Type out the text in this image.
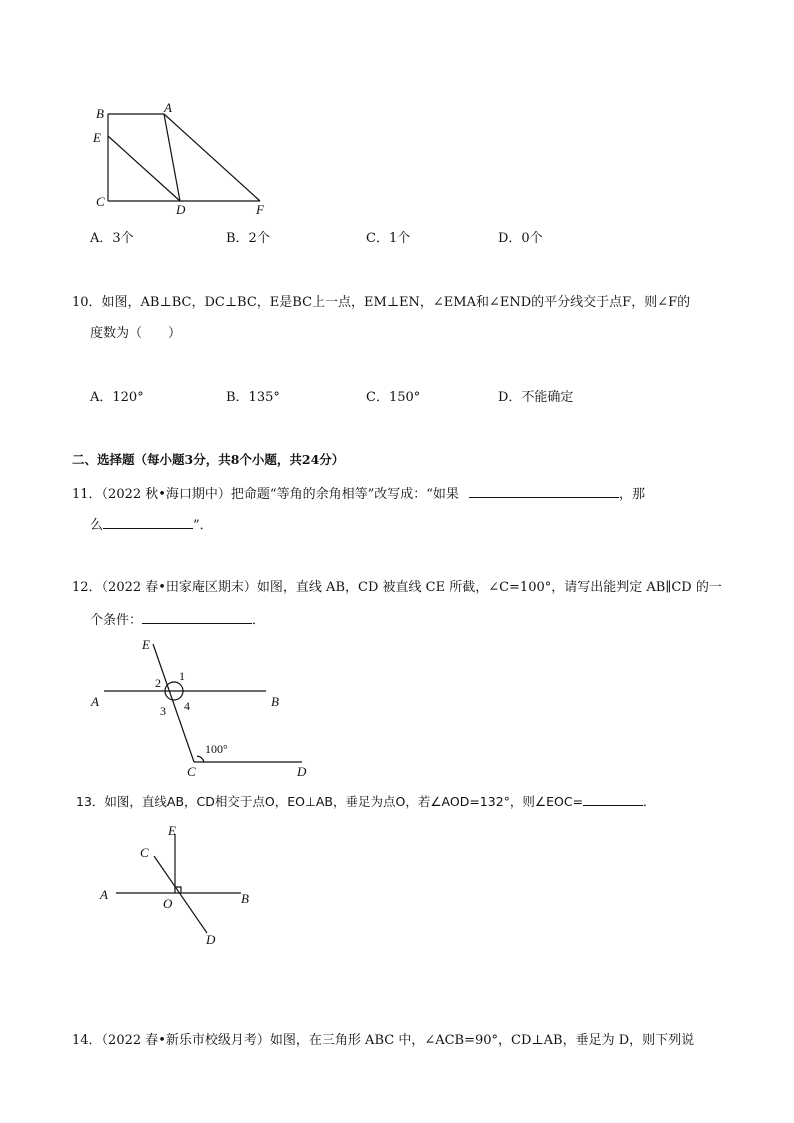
B	A
E
C
D	F
A．3个	B．2个	C．1个	D．0个
10．如图，AB⊥BC，DC⊥BC，E是BC上一点，EM⊥EN，∠EMA和∠END的平分线交于点F，则∠F的
度数为（　　）
A．120°	B．135°	C．150°	D．不能确定
二、选择题（每小题3分，共8个小题，共24分）
11．（2022 秋•海口期中）把命题“等角的余角相等”改写成：“如果	，那
么	”．
12．（2022 春•田家庵区期末）如图，直线 AB，CD 被直线 CE 所截，∠C=100°，请写出能判定 AB∥CD 的一
个条件：	．
E
A	B
C	D
1
2
3 4
100°
13．如图，直线AB，CD相交于点O，EO⊥AB，垂足为点O，若∠AOD=132°，则∠EOC=	．
E
C
A
O	B
D
14．（2022 春•新乐市校级月考）如图，在三角形 ABC 中，∠ACB=90°，CD⊥AB，垂足为 D，则下列说
